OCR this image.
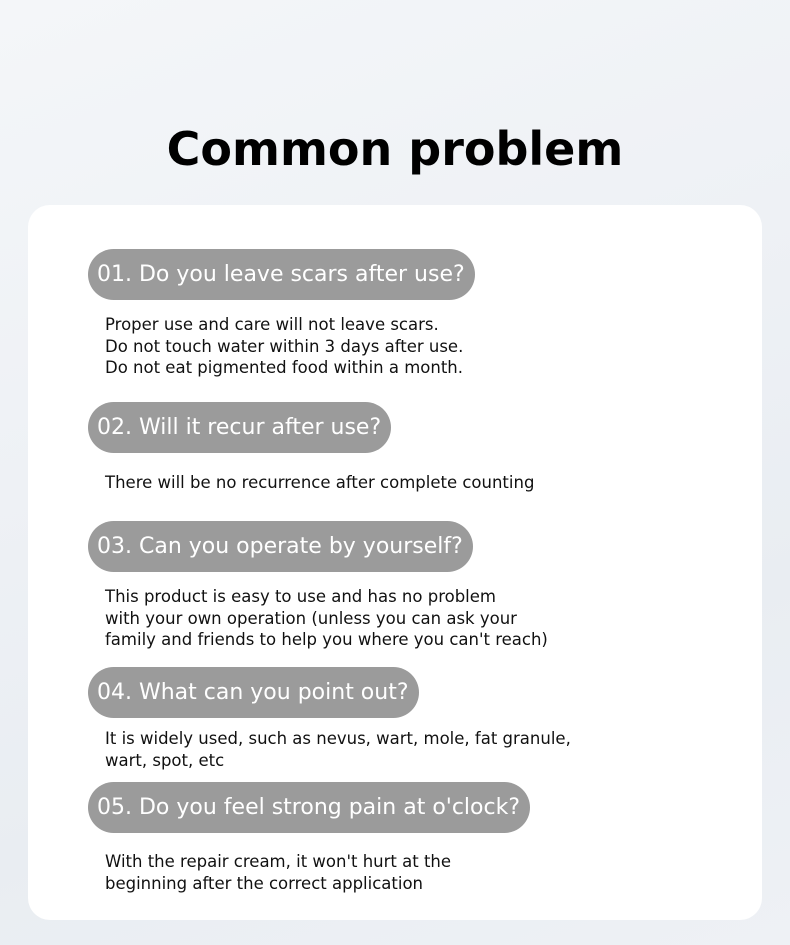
Common problem
01. Do you leave scars after use?
Proper use and care will not leave scars.
Do not touch water within 3 days after use.
Do not eat pigmented food within a month.
02. Will it recur after use?
There will be no recurrence after complete counting
03. Can you operate by yourself?
This product is easy to use and has no problem
with your own operation (unless you can ask your
family and friends to help you where you can't reach)
04. What can you point out?
It is widely used, such as nevus, wart, mole, fat granule,
wart, spot, etc
05. Do you feel strong pain at o'clock?
With the repair cream, it won't hurt at the
beginning after the correct application
